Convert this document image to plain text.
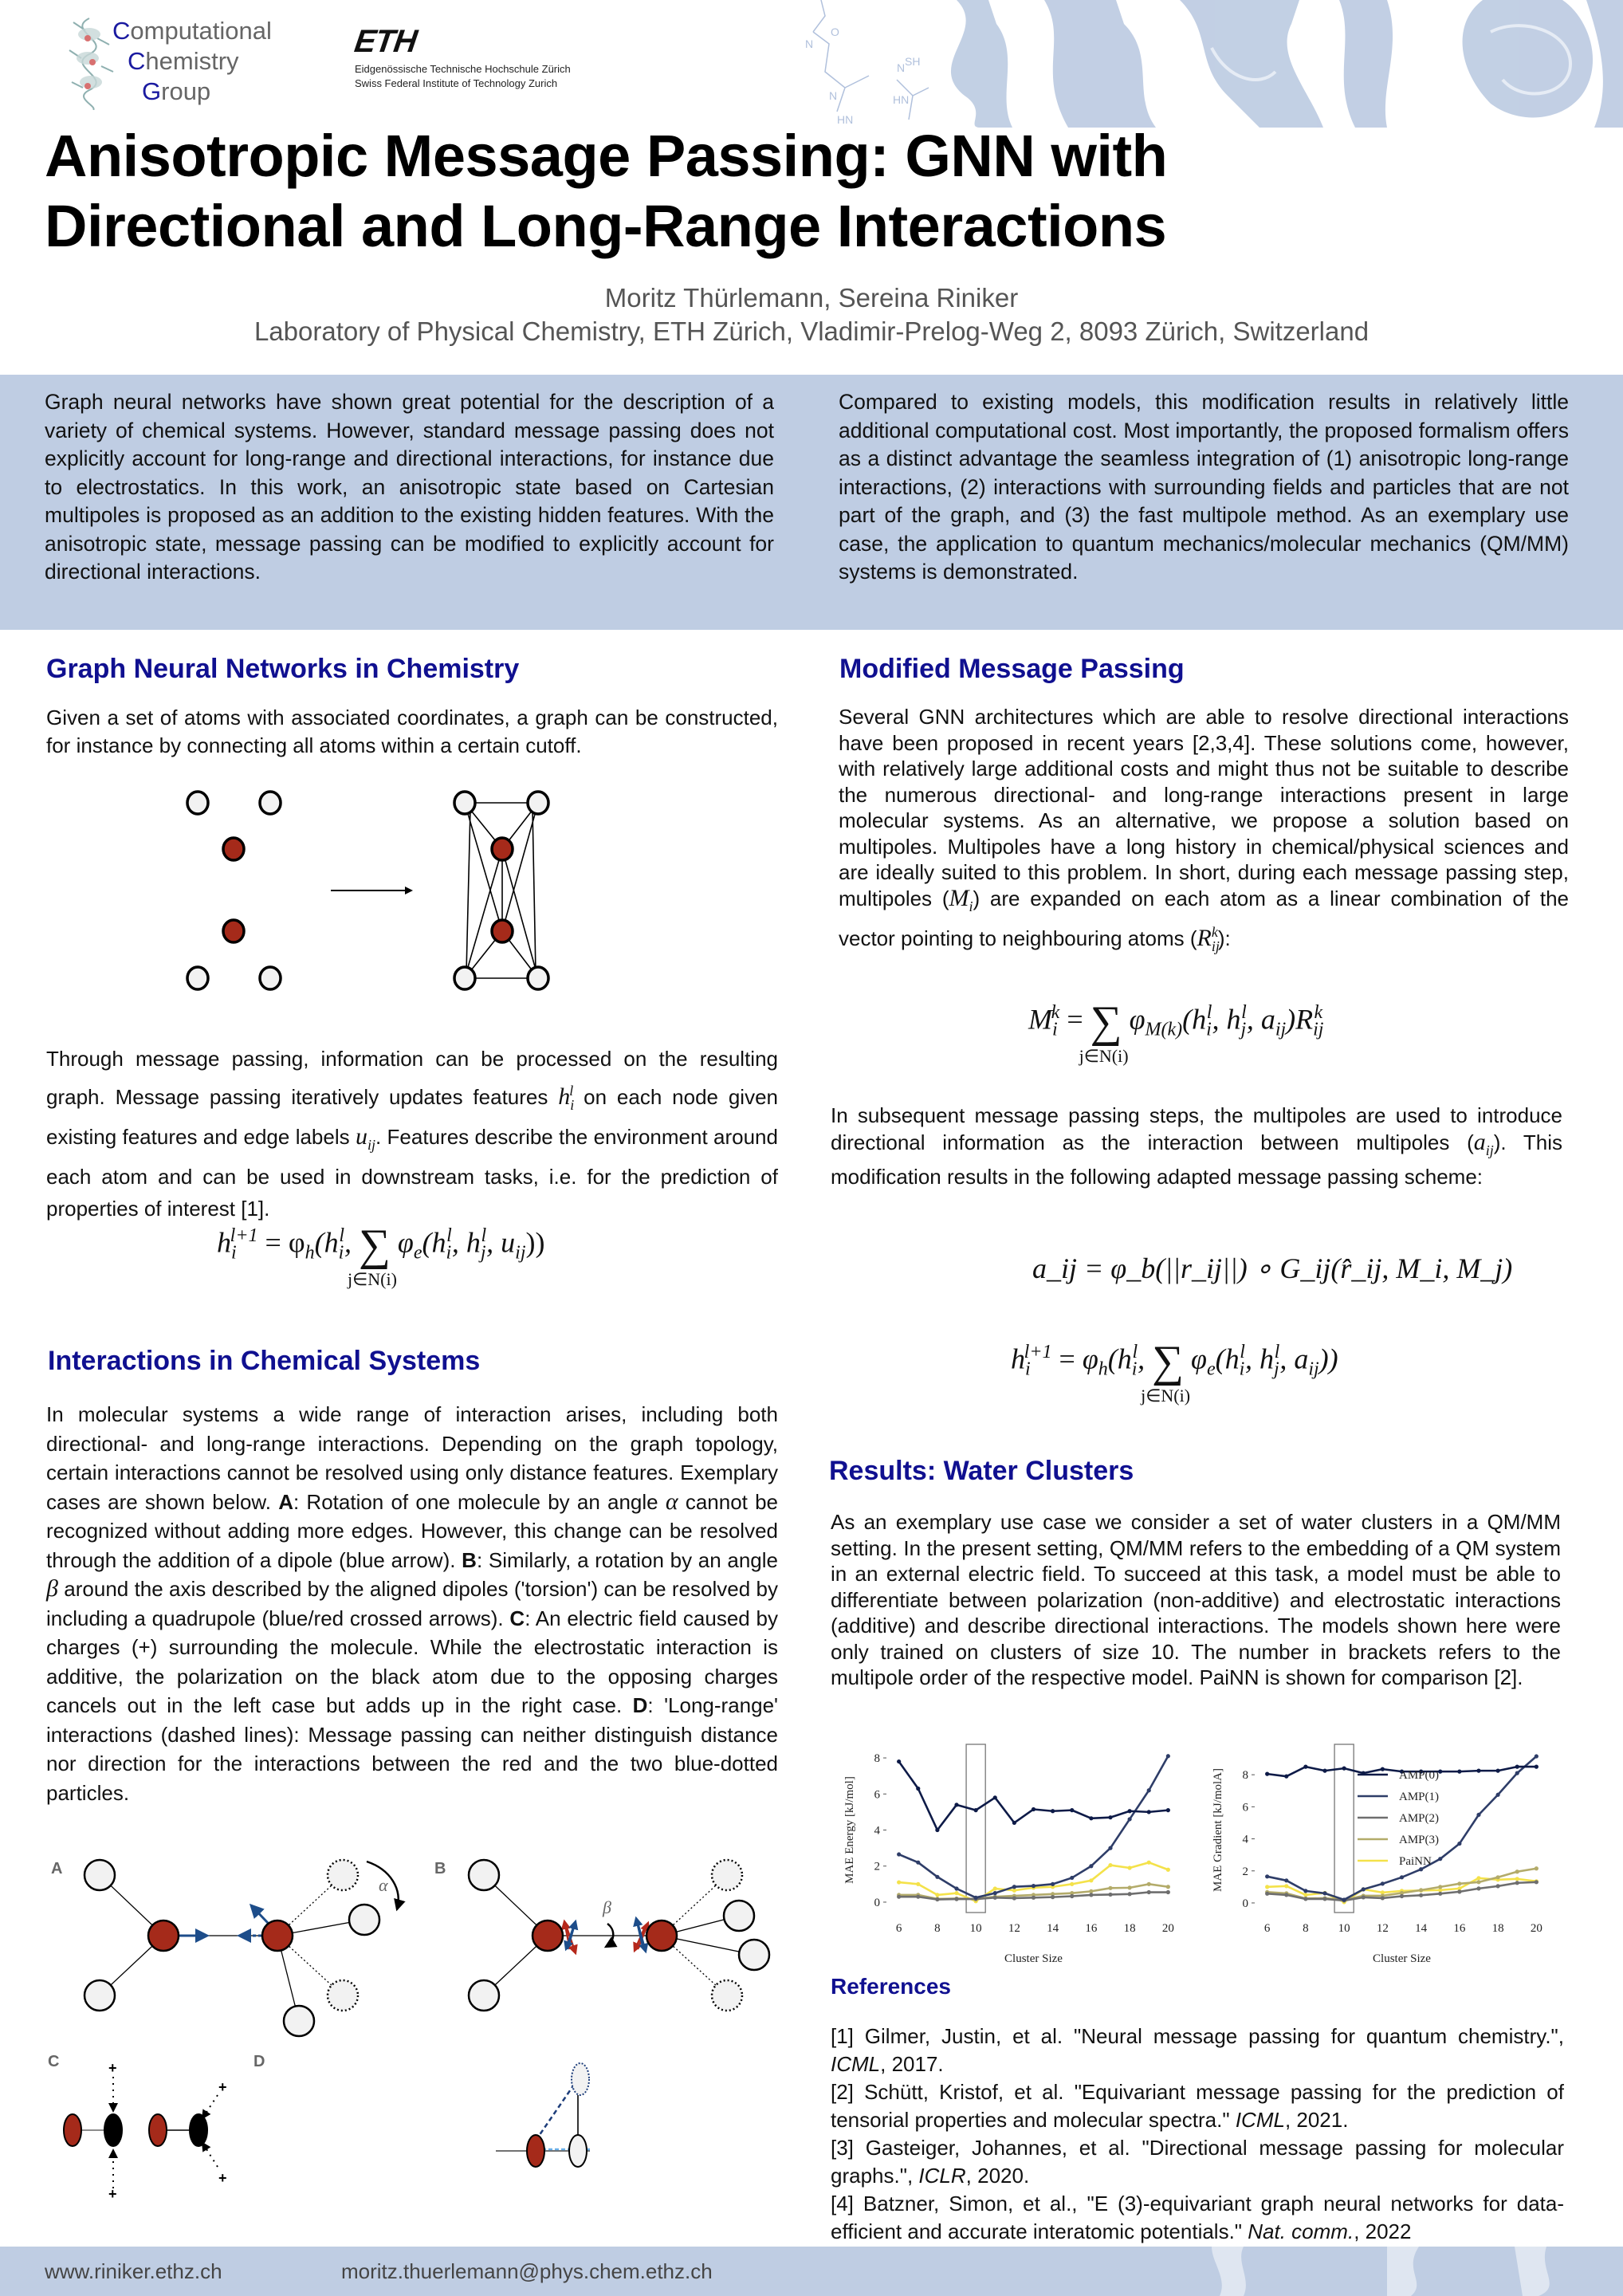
N
O
N
HN
N SH
HN
Computational
Chemistry
Group
ETH
Eidgenössische Technische Hochschule Zürich
Swiss Federal Institute of Technology Zurich
Anisotropic Message Passing: GNN with
Directional and Long-Range Interactions
Moritz Thürlemann, Sereina Riniker
Laboratory of Physical Chemistry, ETH Zürich, Vladimir-Prelog-Weg 2, 8093 Zürich, Switzerland
Graph neural networks have shown great potential for the description of a variety of chemical systems. However, standard message passing does not explicitly account for long-range and directional interactions, for instance due to electrostatics. In this work, an anisotropic state based on Cartesian multipoles is proposed as an addition to the existing hidden features. With the anisotropic state, message passing can be modified to explicitly account for directional interactions.
Compared to existing models, this modification results in relatively little additional computational cost. Most importantly, the proposed formalism offers as a distinct advantage the seamless integration of (1) anisotropic long-range interactions, (2) interactions with surrounding fields and particles that are not part of the graph, and (3) the fast multipole method. As an exemplary use case, the application to quantum mechanics/molecular mechanics (QM/MM) systems is demonstrated.
Graph Neural Networks in Chemistry
Given a set of atoms with associated coordinates, a graph can be constructed, for instance by connecting all atoms within a certain cutoff.
Through message passing, information can be processed on the resulting graph. Message passing iteratively updates features $h_i^l$ on each node given existing features and edge labels $u_{ij}$. Features describe the environment around each atom and can be used in downstream tasks, i.e. for the prediction of properties of interest [1].
$h_i^{l+1} = \varphi_h(h_i^l$, ∑
j∈N(i)
$\varphi_e(h_i^l$, $h_j^l$, $u_{ij}$))
Interactions in Chemical Systems
In molecular systems a wide range of interaction arises, including both directional- and long-range interactions. Depending on the graph topology, certain interactions cannot be resolved using only distance features. Exemplary cases are shown below. A: Rotation of one molecule by an angle α cannot be recognized without adding more edges. However, this change can be resolved through the addition of a dipole (blue arrow). B: Similarly, a rotation by an angle β around the axis described by the aligned dipoles ('torsion') can be resolved by including a quadrupole (blue/red crossed arrows). C: An electric field caused by charges (+) surrounding the molecule. While the electrostatic interaction is additive, the polarization on the black atom due to the opposing charges cancels out in the left case but adds up in the right case. D: 'Long-range' interactions (dashed lines): Message passing can neither distinguish distance nor direction for the interactions between the red and the two blue-dotted particles.
A
α
B
β
C	+
+
+
+
D
Modified Message Passing
Several GNN architectures which are able to resolve directional interactions have been proposed in recent years [2,3,4]. These solutions come, however, with relatively large additional costs and might thus not be suitable to describe the numerous directional- and long-range interactions present in large molecular systems. As an alternative, we propose a solution based on multipoles. Multipoles have a long history in chemical/physical sciences and are ideally suited to this problem. In short, during each message passing step, multipoles $(M_i)$ are expanded on each atom as a linear combination of the vector pointing to neighbouring atoms $(R_{ij}^k)$:
$M_i^k$ = ∑
j∈N(i)
$\varphi_{M(k)}(h_i^l$, $h_j^l$, $a_{ij})R_{ij}^k$
In subsequent message passing steps, the multipoles are used to introduce directional information as the interaction between multipoles $(a_{ij})$. This modification results in the following adapted message passing scheme:
a_ij = φ_b(||r_ij||) ∘ G_ij(r̂_ij, M_i, M_j)
$h_i^{l+1} = \varphi_h(h_i^l$, ∑
j∈N(i)
$\varphi_e(h_i^l$, $h_j^l$, $a_{ij}$))
Results: Water Clusters
As an exemplary use case we consider a set of water clusters in a QM/MM setting. In the present setting, QM/MM refers to the embedding of a QM system in an external electric field. To succeed at this task, a model must be able to differentiate between polarization (non-additive) and electrostatic interactions (additive) and describe directional interactions. The models shown here were only trained on clusters of size 10. The number in brackets refers to the multipole order of the respective model. PaiNN is shown for comparison [2].
0
2
4
6
8
6	8 10 12 14 16 18 20
Cluster Size
MAE Energy [kJ/mol]
0
2
4
6
8
6	8 10 12 14 16 18 20
Cluster Size
MAE Gradient [kJ/molA]	AMP(0)
AMP(1)
AMP(2)
AMP(3)
PaiNN
References
[1] Gilmer, Justin, et al. "Neural message passing for quantum chemistry.", ICML, 2017.
[2] Schütt, Kristof, et al. "Equivariant message passing for the prediction of tensorial properties and molecular spectra." ICML, 2021.
[3] Gasteiger, Johannes, et al. "Directional message passing for molecular graphs.", ICLR, 2020.
[4] Batzner, Simon, et al., "E (3)-equivariant graph neural networks for data-efficient and accurate interatomic potentials." Nat. comm., 2022
www.riniker.ethz.ch	moritz.thuerlemann@phys.chem.ethz.ch
